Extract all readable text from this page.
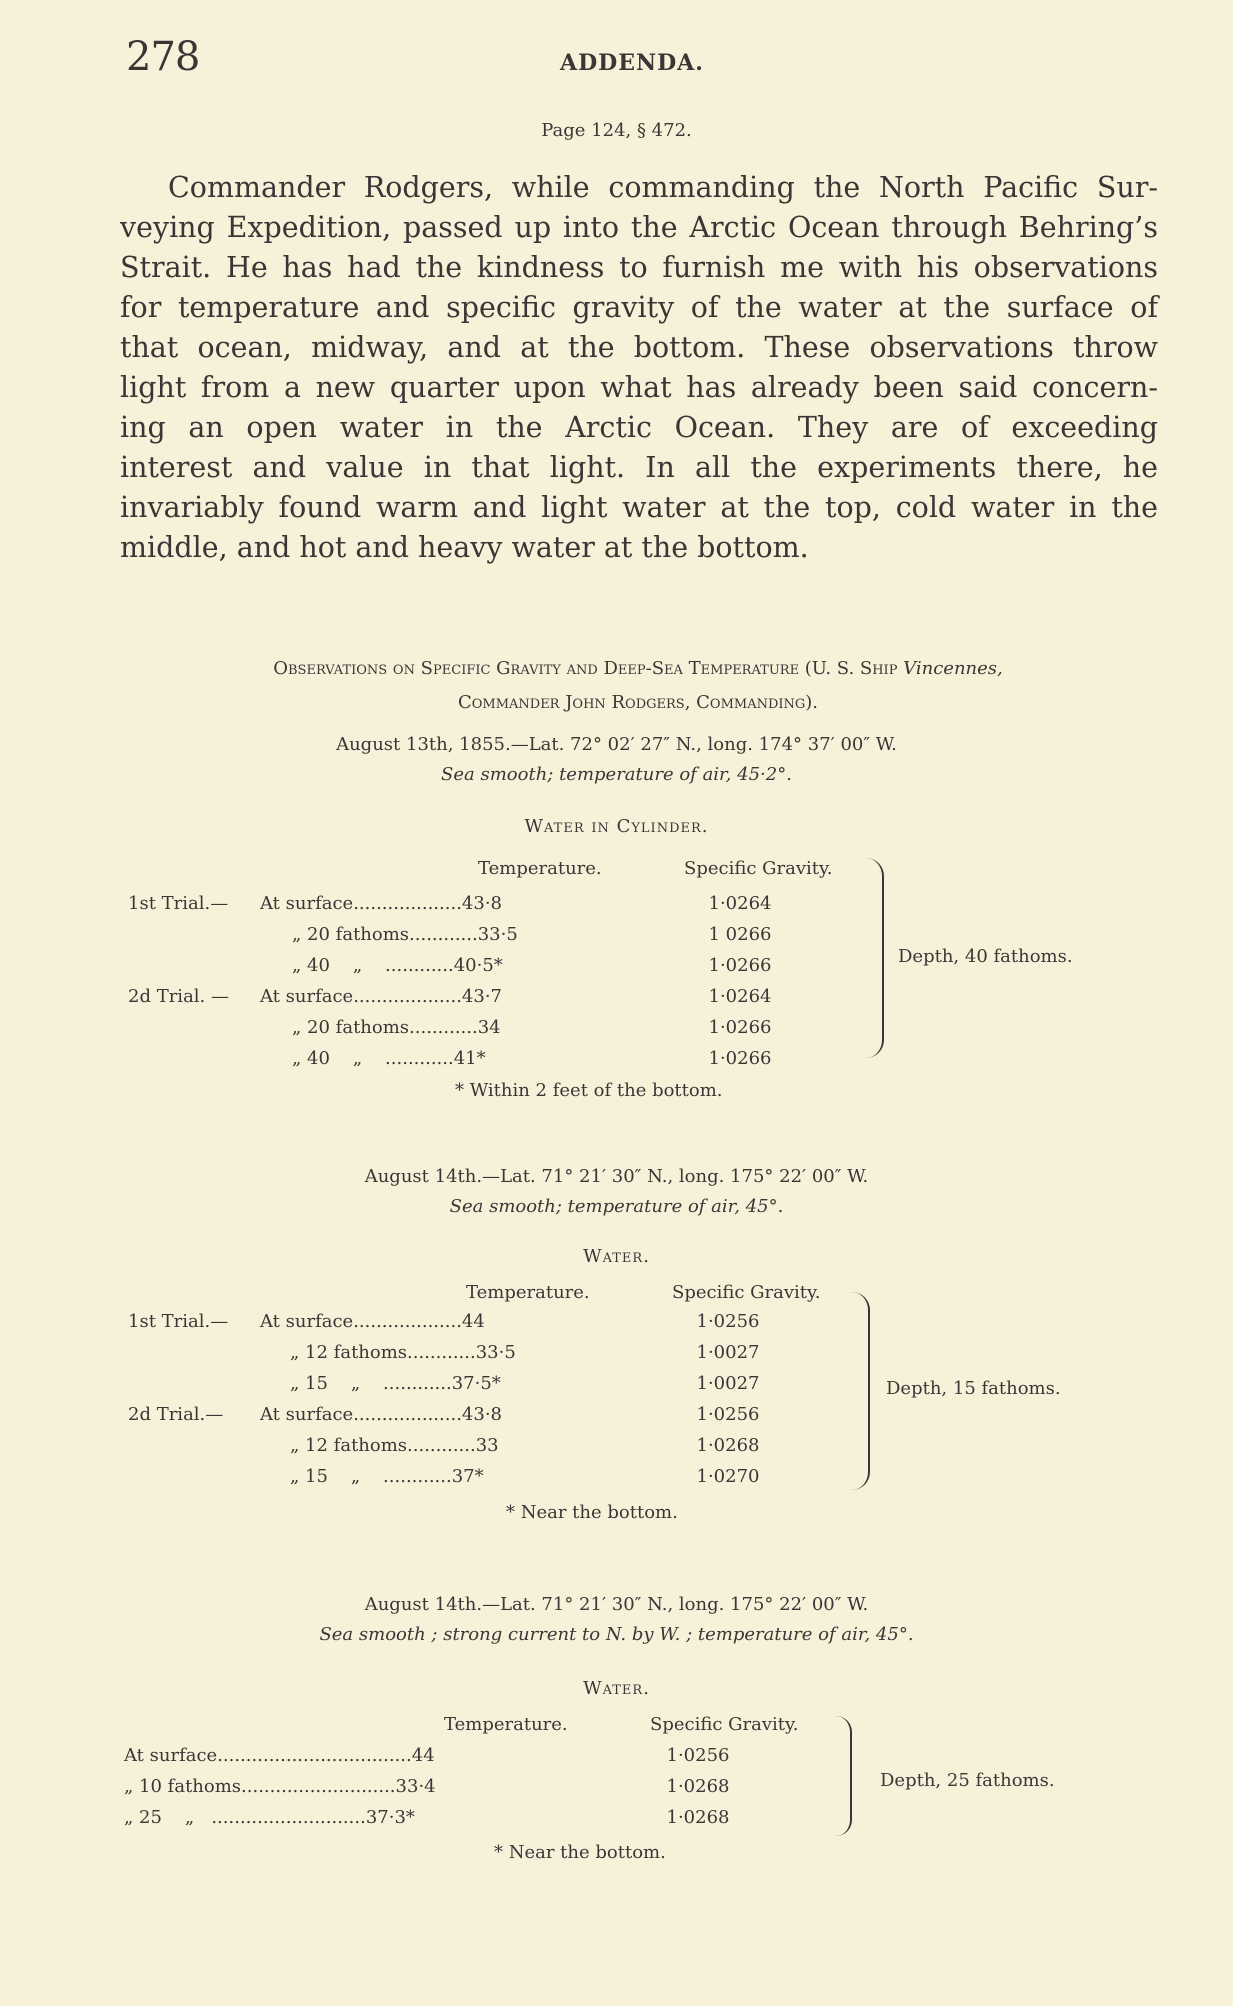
278	ADDENDA.
Page 124, § 472.
Commander Rodgers, while commanding the North Pacific Sur-
veying Expedition, passed up into the Arctic Ocean through Behring’s
Strait. He has had the kindness to furnish me with his observations
for temperature and specific gravity of the water at the surface of
that ocean, midway, and at the bottom. These observations throw
light from a new quarter upon what has already been said concern-
ing an open water in the Arctic Ocean. They are of exceeding
interest and value in that light. In all the experiments there, he
invariably found warm and light water at the top, cold water in the
middle, and hot and heavy water at the bottom.
Observations on Specific Gravity and Deep-Sea Temperature (U. S. Ship Vincennes,
Commander John Rodgers, Commanding).
August 13th, 1855.—Lat. 72° 02′ 27″ N., long. 174° 37′ 00″ W.
Sea smooth; temperature of air, 45·2°.
Water in Cylinder.
Temperature.	Specific Gravity.
1st Trial.—	At surface...................43·8	1·0264
	„ 20 fathoms............33·5	1 0266
	„ 40    „    ............40·5*	1·0266
2d Trial. —	At surface...................43·7	1·0264
	„ 20 fathoms............34	1·0266
	„ 40    „    ............41*	1·0266
Depth, 40 fathoms.
* Within 2 feet of the bottom.
August 14th.—Lat. 71° 21′ 30″ N., long. 175° 22′ 00″ W.
Sea smooth; temperature of air, 45°.
Water.
Temperature.	Specific Gravity.
1st Trial.—	At surface...................44	1·0256
	„ 12 fathoms............33·5	1·0027
	„ 15    „    ............37·5*	1·0027
2d Trial.—	At surface...................43·8	1·0256
	„ 12 fathoms............33	1·0268
	„ 15    „    ............37*	1·0270
Depth, 15 fathoms.
* Near the bottom.
August 14th.—Lat. 71° 21′ 30″ N., long. 175° 22′ 00″ W.
Sea smooth ; strong current to N. by W. ; temperature of air, 45°.
Water.
Temperature.	Specific Gravity.
At surface..................................44	1·0256
„ 10 fathoms...........................33·4	1·0268
„ 25    „   ...........................37·3*	1·0268
Depth, 25 fathoms.
* Near the bottom.
